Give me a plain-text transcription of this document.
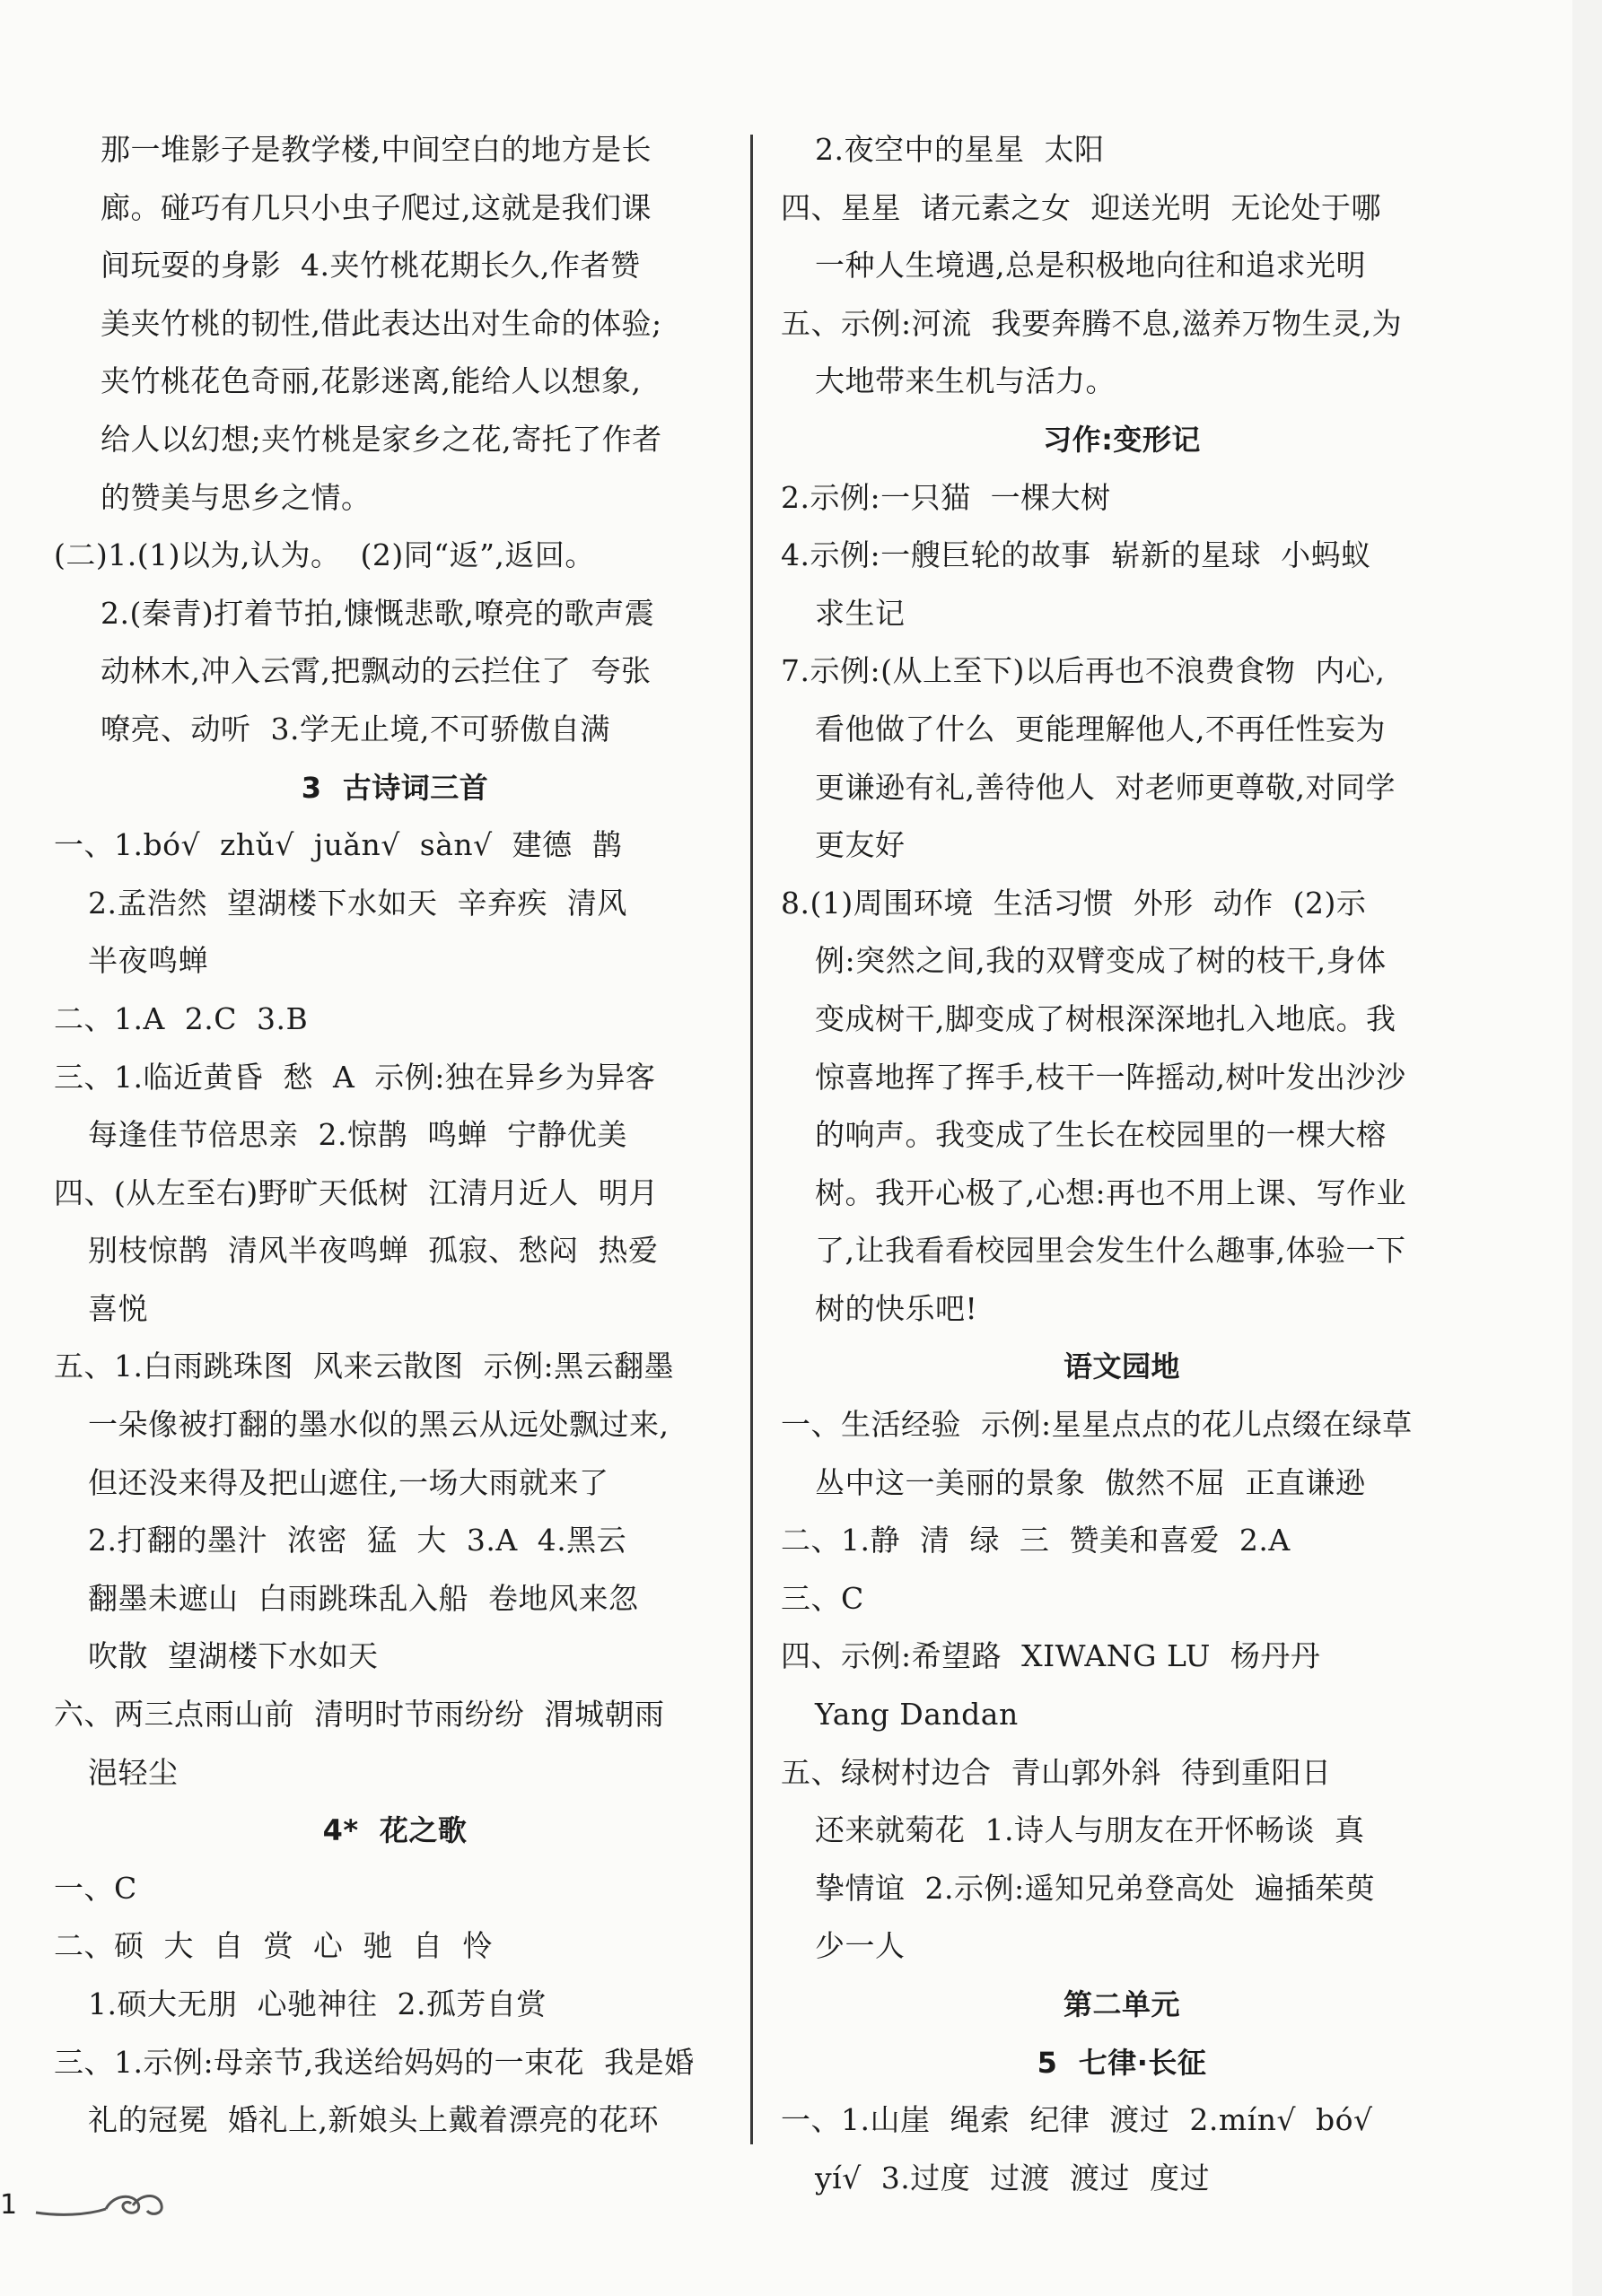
那一堆影子是教学楼,中间空白的地方是长
廊。碰巧有几只小虫子爬过,这就是我们课
间玩耍的身影  4.夹竹桃花期长久,作者赞
美夹竹桃的韧性,借此表达出对生命的体验;
夹竹桃花色奇丽,花影迷离,能给人以想象,
给人以幻想;夹竹桃是家乡之花,寄托了作者
的赞美与思乡之情。
(二)1.(1)以为,认为。  (2)同“返”,返回。
2.(秦青)打着节拍,慷慨悲歌,嘹亮的歌声震
动林木,冲入云霄,把飘动的云拦住了  夸张
嘹亮、动听  3.学无止境,不可骄傲自满
3  古诗词三首
一、1.bó√  zhǔ√  juǎn√  sàn√  建德  鹊
2.孟浩然  望湖楼下水如天  辛弃疾  清风
半夜鸣蝉
二、1.A  2.C  3.B
三、1.临近黄昏  愁  A  示例:独在异乡为异客
每逢佳节倍思亲  2.惊鹊  鸣蝉  宁静优美
四、(从左至右)野旷天低树  江清月近人  明月
别枝惊鹊  清风半夜鸣蝉  孤寂、愁闷  热爱
喜悦
五、1.白雨跳珠图  风来云散图  示例:黑云翻墨
一朵像被打翻的墨水似的黑云从远处飘过来,
但还没来得及把山遮住,一场大雨就来了
2.打翻的墨汁  浓密  猛  大  3.A  4.黑云
翻墨未遮山  白雨跳珠乱入船  卷地风来忽
吹散  望湖楼下水如天
六、两三点雨山前  清明时节雨纷纷  渭城朝雨
浥轻尘
4*  花之歌
一、C
二、硕  大  自  赏  心  驰  自  怜
1.硕大无朋  心驰神往  2.孤芳自赏
三、1.示例:母亲节,我送给妈妈的一束花  我是婚
礼的冠冕  婚礼上,新娘头上戴着漂亮的花环
2.夜空中的星星  太阳
四、星星  诸元素之女  迎送光明  无论处于哪
一种人生境遇,总是积极地向往和追求光明
五、示例:河流  我要奔腾不息,滋养万物生灵,为
大地带来生机与活力。
习作:变形记
2.示例:一只猫  一棵大树
4.示例:一艘巨轮的故事  崭新的星球  小蚂蚁
求生记
7.示例:(从上至下)以后再也不浪费食物  内心,
看他做了什么  更能理解他人,不再任性妄为
更谦逊有礼,善待他人  对老师更尊敬,对同学
更友好
8.(1)周围环境  生活习惯  外形  动作  (2)示
例:突然之间,我的双臂变成了树的枝干,身体
变成树干,脚变成了树根深深地扎入地底。我
惊喜地挥了挥手,枝干一阵摇动,树叶发出沙沙
的响声。我变成了生长在校园里的一棵大榕
树。我开心极了,心想:再也不用上课、写作业
了,让我看看校园里会发生什么趣事,体验一下
树的快乐吧!
语文园地
一、生活经验  示例:星星点点的花儿点缀在绿草
丛中这一美丽的景象  傲然不屈  正直谦逊
二、1.静  清  绿  三  赞美和喜爱  2.A
三、C
四、示例:希望路  XIWANG LU  杨丹丹
Yang Dandan
五、绿树村边合  青山郭外斜  待到重阳日
还来就菊花  1.诗人与朋友在开怀畅谈  真
挚情谊  2.示例:遥知兄弟登高处  遍插茱萸
少一人
第二单元
5  七律·长征
一、1.山崖  绳索  纪律  渡过  2.mín√  bó√
yí√  3.过度  过渡  渡过  度过
1
